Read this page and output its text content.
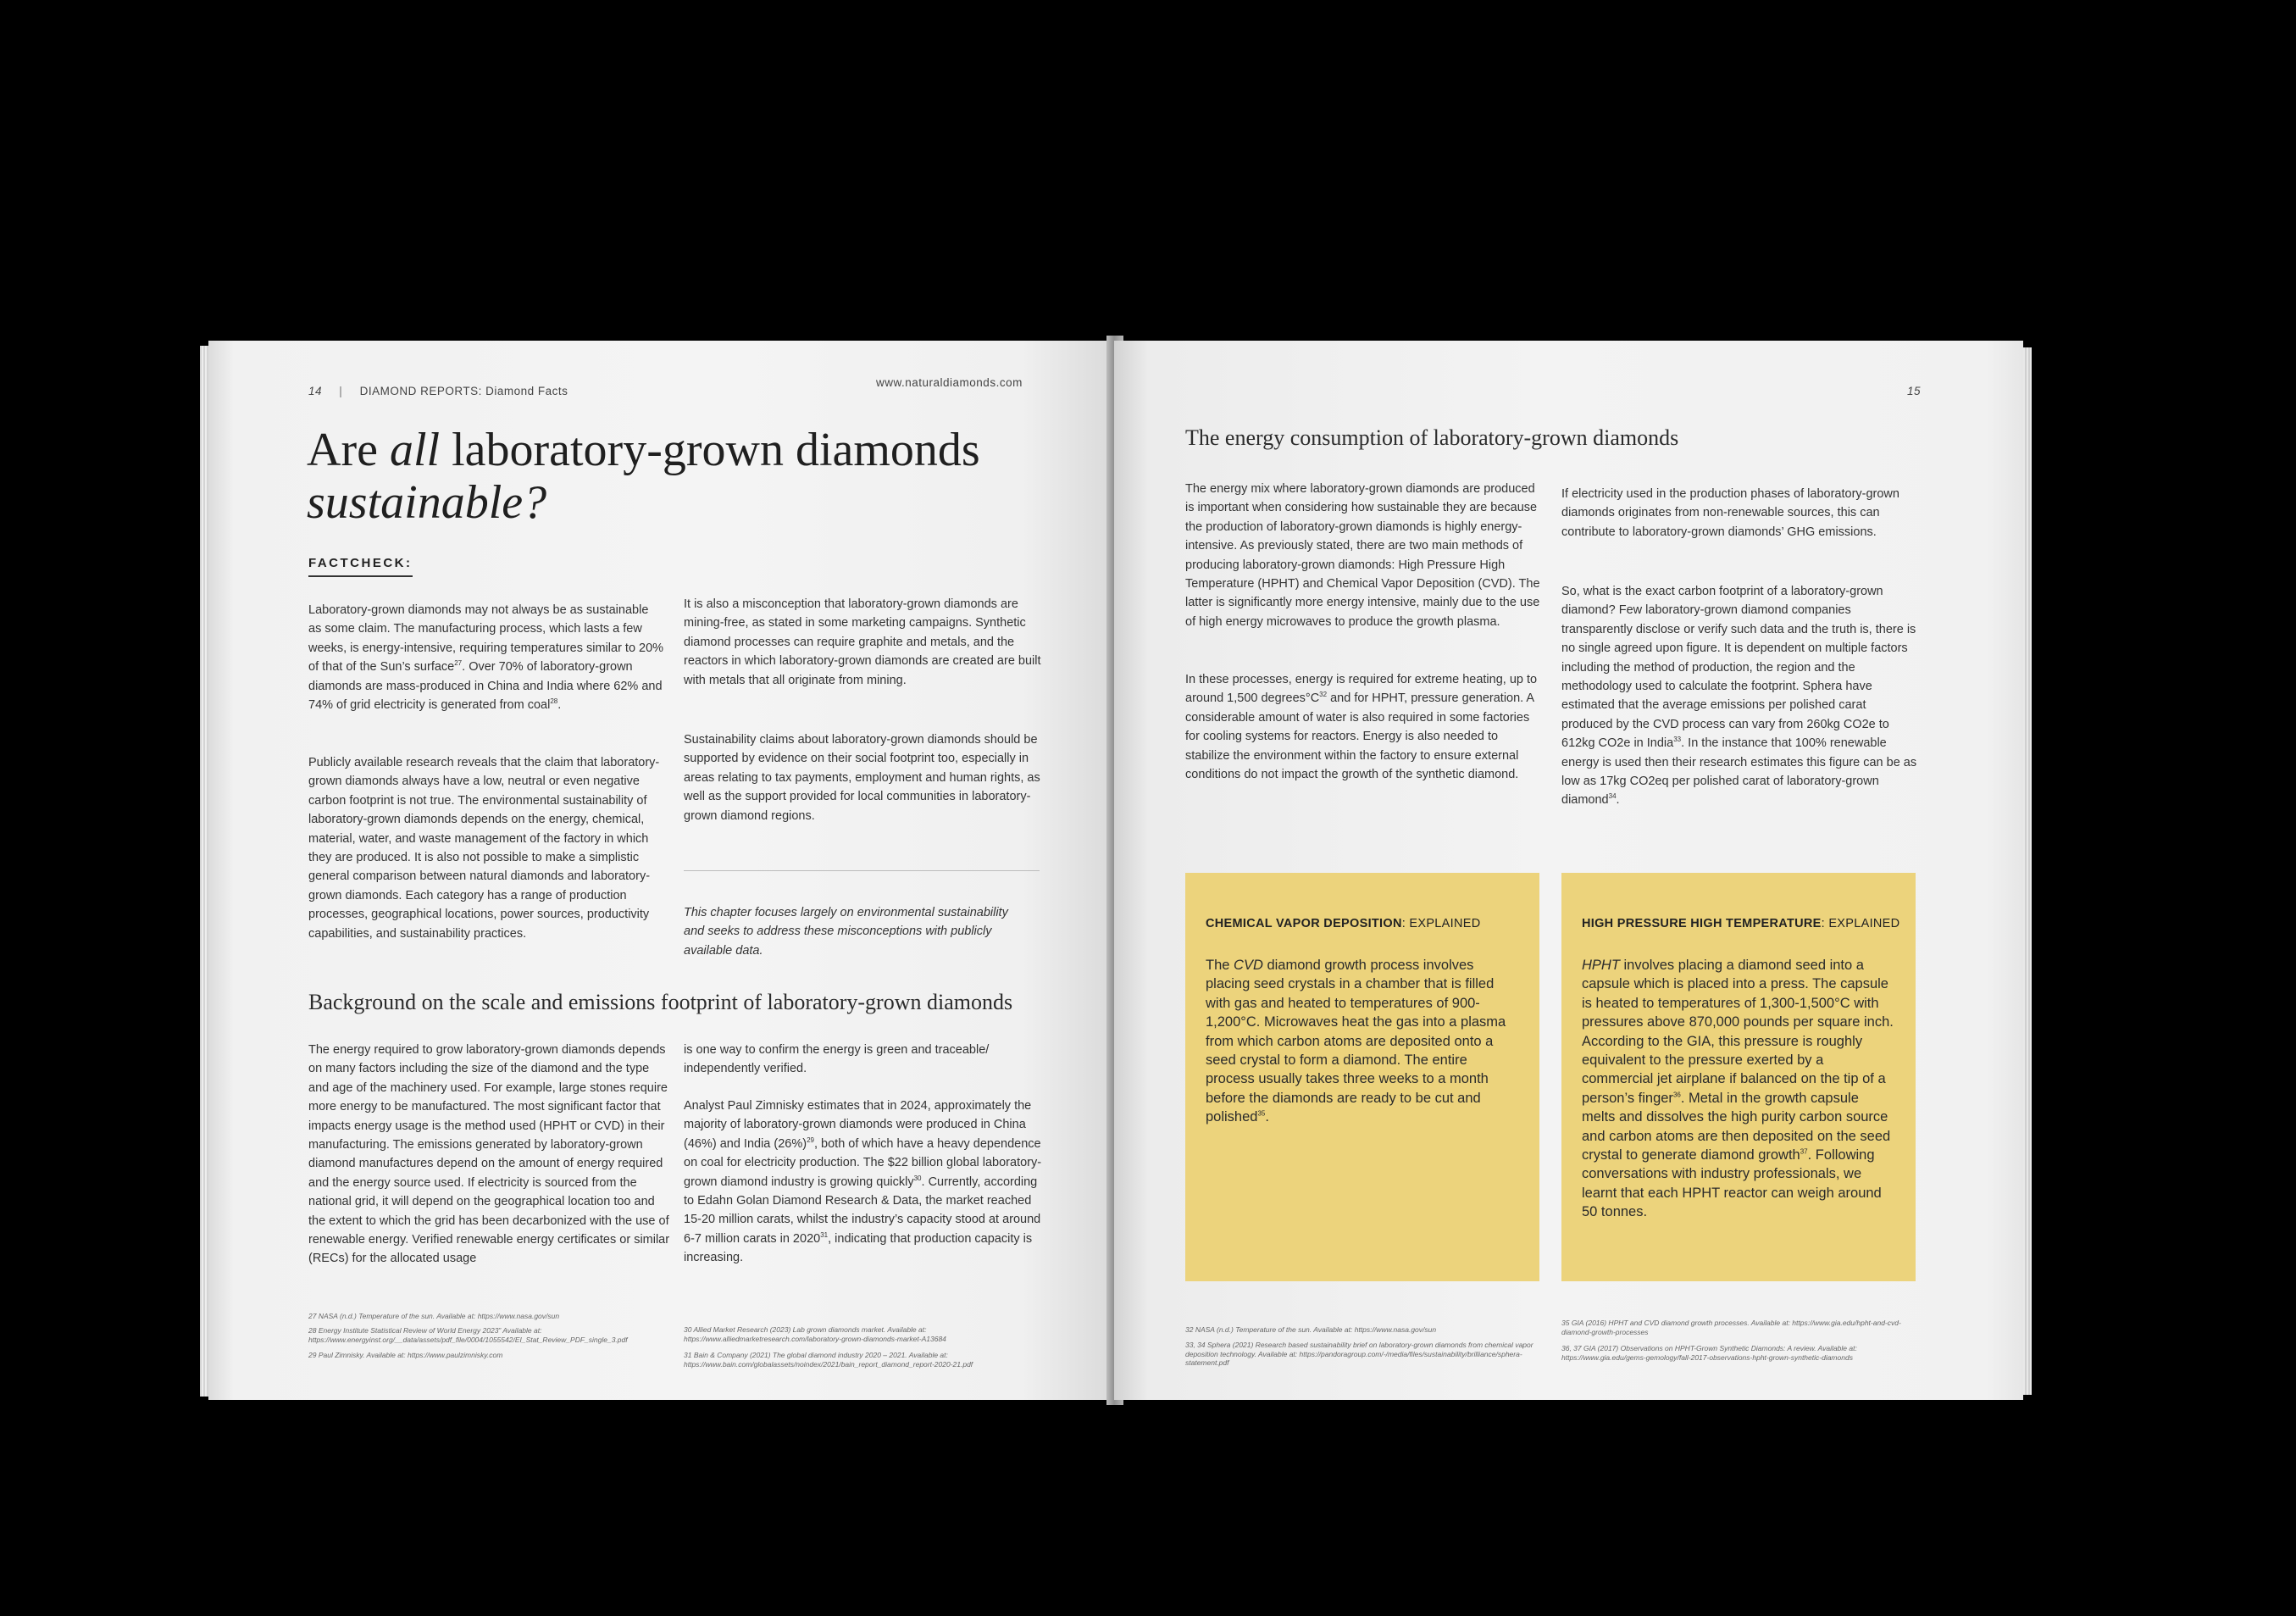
14 | DIAMOND REPORTS: Diamond Facts
www.naturaldiamonds.com
Are all laboratory-grown diamonds
sustainable?
FACTCHECK:

Laboratory-grown diamonds may not always be as sustainable as some claim. The manufacturing process, which lasts a few weeks, is energy-intensive, requiring temperatures similar to 20% of that of the Sun’s surface$^{27}$. Over 70% of laboratory-grown diamonds are mass-produced in China and India where 62% and 74% of grid electricity is generated from coal$^{28}$.

Publicly available research reveals that the claim that laboratory-grown diamonds always have a low, neutral or even negative carbon footprint is not true. The environmental sustainability of laboratory-grown diamonds depends on the energy, chemical, material, water, and waste management of the factory in which they are produced. It is also not possible to make a simplistic general comparison between natural diamonds and laboratory-grown diamonds. Each category has a range of production processes, geographical locations, power sources, productivity capabilities, and sustainability practices.

It is also a misconception that laboratory-grown diamonds are mining-free, as stated in some marketing campaigns. Synthetic diamond processes can require graphite and metals, and the reactors in which laboratory-grown diamonds are created are built with metals that all originate from mining.

Sustainability claims about laboratory-grown diamonds should be supported by evidence on their social footprint too, especially in areas relating to tax payments, employment and human rights, as well as the support provided for local communities in laboratory-grown diamond regions.

This chapter focuses largely on environmental sustainability and seeks to address these misconceptions with publicly available data.

Background on the scale and emissions footprint of laboratory-grown diamonds

The energy required to grow laboratory-grown diamonds depends on many factors including the size of the diamond and the type and age of the machinery used. For example, large stones require more energy to be manufactured. The most significant factor that impacts energy usage is the method used (HPHT or CVD) in their manufacturing. The emissions generated by laboratory-grown diamond manufactures depend on the amount of energy required and the energy source used. If electricity is sourced from the national grid, it will depend on the geographical location too and the extent to which the grid has been decarbonized with the use of renewable energy. Verified renewable energy certificates or similar (RECs) for the allocated usage

is one way to confirm the energy is green and traceable/ independently verified.

Analyst Paul Zimnisky estimates that in 2024, approximately the majority of laboratory-grown diamonds were produced in China (46%) and India $(26\%)^{29}$, both of which have a heavy dependence on coal for electricity production. The $22 billion global laboratory-grown diamond industry is growing quickly$^{30}$. Currently, according to Edahn Golan Diamond Research & Data, the market reached 15-20 million carats, whilst the industry’s capacity stood at around 6-7 million carats in 2020$^{31}$, indicating that production capacity is increasing.

27 NASA (n.d.) Temperature of the sun. Available at: https://www.nasa.gov/sun

28 Energy Institute Statistical Review of World Energy 2023” Available at: https://www.energyinst.org/__data/assets/pdf_file/0004/1055542/EI_Stat_Review_PDF_single_3.pdf

29 Paul Zimnisky. Available at: https://www.paulzimnisky.com

30 Allied Market Research (2023) Lab grown diamonds market. Available at: https://www.alliedmarketresearch.com/laboratory-grown-diamonds-market-A13684

31 Bain & Company (2021) The global diamond industry 2020 – 2021. Available at: https://www.bain.com/globalassets/noindex/2021/bain_report_diamond_report-2020-21.pdf

15
The energy consumption of laboratory-grown diamonds

The energy mix where laboratory-grown diamonds are produced is important when considering how sustainable they are because the production of laboratory-grown diamonds is highly energy-intensive. As previously stated, there are two main methods of producing laboratory-grown diamonds: High Pressure High Temperature (HPHT) and Chemical Vapor Deposition (CVD). The latter is significantly more energy intensive, mainly due to the use of high energy microwaves to produce the growth plasma.

In these processes, energy is required for extreme heating, up to around 1,500 $degrees^\circ C^{32}$ and for HPHT, pressure generation. A considerable amount of water is also required in some factories for cooling systems for reactors. Energy is also needed to stabilize the environment within the factory to ensure external conditions do not impact the growth of the synthetic diamond.

If electricity used in the production phases of laboratory-grown diamonds originates from non-renewable sources, this can contribute to laboratory-grown diamonds’ GHG emissions.

So, what is the exact carbon footprint of a laboratory-grown diamond? Few laboratory-grown diamond companies transparently disclose or verify such data and the truth is, there is no single agreed upon figure. It is dependent on multiple factors including the method of production, the region and the methodology used to calculate the footprint. Sphera have estimated that the average emissions per polished carat produced by the CVD process can vary from 260kg CO2e to 612kg CO2e in India$^{33}$. In the instance that 100% renewable energy is used then their research estimates this figure can be as low as 17kg CO2eq per polished carat of laboratory-grown diamond$^{34}$.

CHEMICAL VAPOR DEPOSITION: EXPLAINED

The CVD diamond growth process involves placing seed crystals in a chamber that is filled with gas and heated to temperatures of 900-1,200°C. Microwaves heat the gas into a plasma from which carbon atoms are deposited onto a seed crystal to form a diamond. The entire process usually takes three weeks to a month before the diamonds are ready to be cut and polished$^{35}$.

HIGH PRESSURE HIGH TEMPERATURE: EXPLAINED

HPHT involves placing a diamond seed into a capsule which is placed into a press. The capsule is heated to temperatures of 1,300-1,500°C with pressures above 870,000 pounds per square inch. According to the GIA, this pressure is roughly equivalent to the pressure exerted by a commercial jet airplane if balanced on the tip of a person’s finger$^{36}$. Metal in the growth capsule melts and dissolves the high purity carbon source and carbon atoms are then deposited on the seed crystal to generate diamond growth$^{37}$. Following conversations with industry professionals, we learnt that each HPHT reactor can weigh around 50 tonnes.

32 NASA (n.d.) Temperature of the sun. Available at: https://www.nasa.gov/sun

33, 34 Sphera (2021) Research based sustainability brief on laboratory-grown diamonds from chemical vapor deposition technology. Available at: https://pandoragroup.com/-/media/files/sustainability/brilliance/sphera-statement.pdf

35 GIA (2016) HPHT and CVD diamond growth processes. Available at: https://www.gia.edu/hpht-and-cvd-diamond-growth-processes

36, 37 GIA (2017) Observations on HPHT-Grown Synthetic Diamonds: A review. Available at: https://www.gia.edu/gems-gemology/fall-2017-observations-hpht-grown-synthetic-diamonds
